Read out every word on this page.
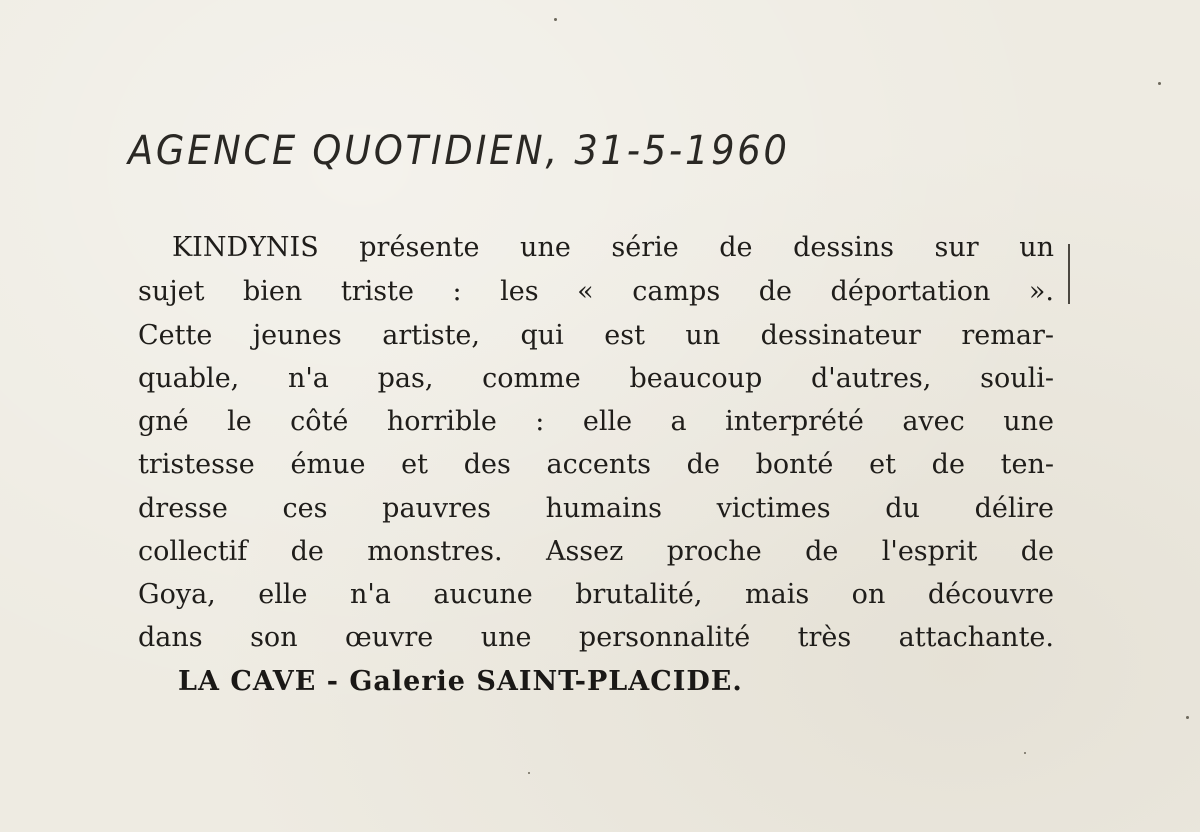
AGENCE QUOTIDIEN, 31-5-1960
KINDYNIS présente une série de dessins sur un
sujet bien triste : les « camps de déportation ».
Cette jeunes artiste, qui est un dessinateur remar-
quable, n'a pas, comme beaucoup d'autres, souli-
gné le côté horrible : elle a interprété avec une
tristesse émue et des accents de bonté et de ten-
dresse ces pauvres humains victimes du délire
collectif de monstres. Assez proche de l'esprit de
Goya, elle n'a aucune brutalité, mais on découvre
dans son œuvre une personnalité très attachante.
LA CAVE - Galerie SAINT-PLACIDE.
